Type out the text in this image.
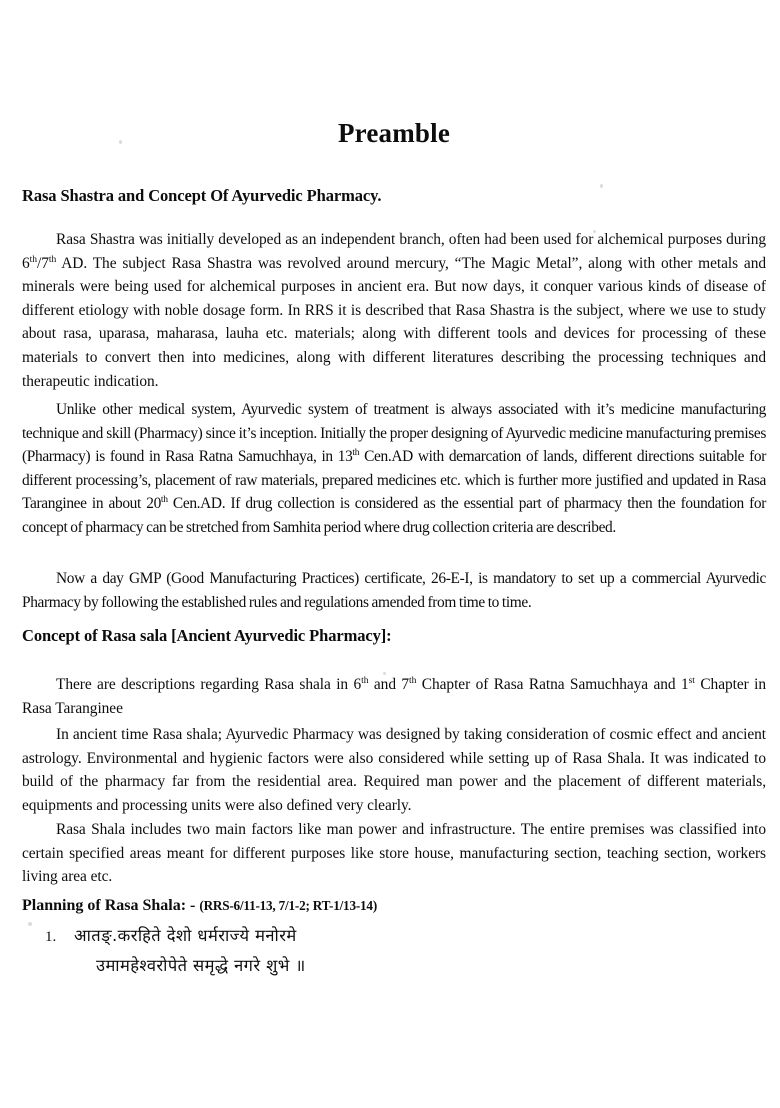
Preamble
Rasa Shastra and Concept Of Ayurvedic Pharmacy.

Rasa Shastra was initially developed as an independent branch, often had been used for alchemical purposes during 6th/7th AD. The subject Rasa Shastra was revolved around mercury, “The Magic Metal”, along with other metals and minerals were being used for alchemical purposes in ancient era. But now days, it conquer various kinds of disease of different etiology with noble dosage form. In RRS it is described that Rasa Shastra is the subject, where we use to study about rasa, uparasa, maharasa, lauha etc. materials; along with different tools and devices for processing of these materials to convert then into medicines, along with different literatures describing the processing techniques and therapeutic indication.

Unlike other medical system, Ayurvedic system of treatment is always associated with it’s medicine manufacturing technique and skill (Pharmacy) since it’s inception. Initially the proper designing of Ayurvedic medicine manufacturing premises (Pharmacy) is found in Rasa Ratna Samuchhaya, in 13th Cen.AD with demarcation of lands, different directions suitable for different processing’s, placement of raw materials, prepared medicines etc. which is further more justified and updated in Rasa Taranginee in about 20th Cen.AD. If drug collection is considered as the essential part of pharmacy then the foundation for concept of pharmacy can be stretched from Samhita period where drug collection criteria are described.

Now a day GMP (Good Manufacturing Practices) certificate, 26-E-I, is mandatory to set up a commercial Ayurvedic Pharmacy by following the established rules and regulations amended from time to time.

Concept of Rasa sala [Ancient Ayurvedic Pharmacy]:

There are descriptions regarding Rasa shala in 6th and 7th Chapter of Rasa Ratna Samuchhaya and 1st Chapter in Rasa Taranginee

In ancient time Rasa shala; Ayurvedic Pharmacy was designed by taking consideration of cosmic effect and ancient astrology. Environmental and hygienic factors were also considered while setting up of Rasa Shala. It was indicated to build of the pharmacy far from the residential area. Required man power and the placement of different materials, equipments and processing units were also defined very clearly.

Rasa Shala includes two main factors like man power and infrastructure. The entire premises was classified into certain specified areas meant for different purposes like store house, manufacturing section, teaching section, workers living area etc.

Planning of Rasa Shala: - (RRS-6/11-13, 7/1-2; RT-1/13-14)

1. आतङ्.करहिते देशो धर्मराज्ये मनोरमे
उमामहेश्वरोपेते समृद्धे नगरे शुभे ॥
